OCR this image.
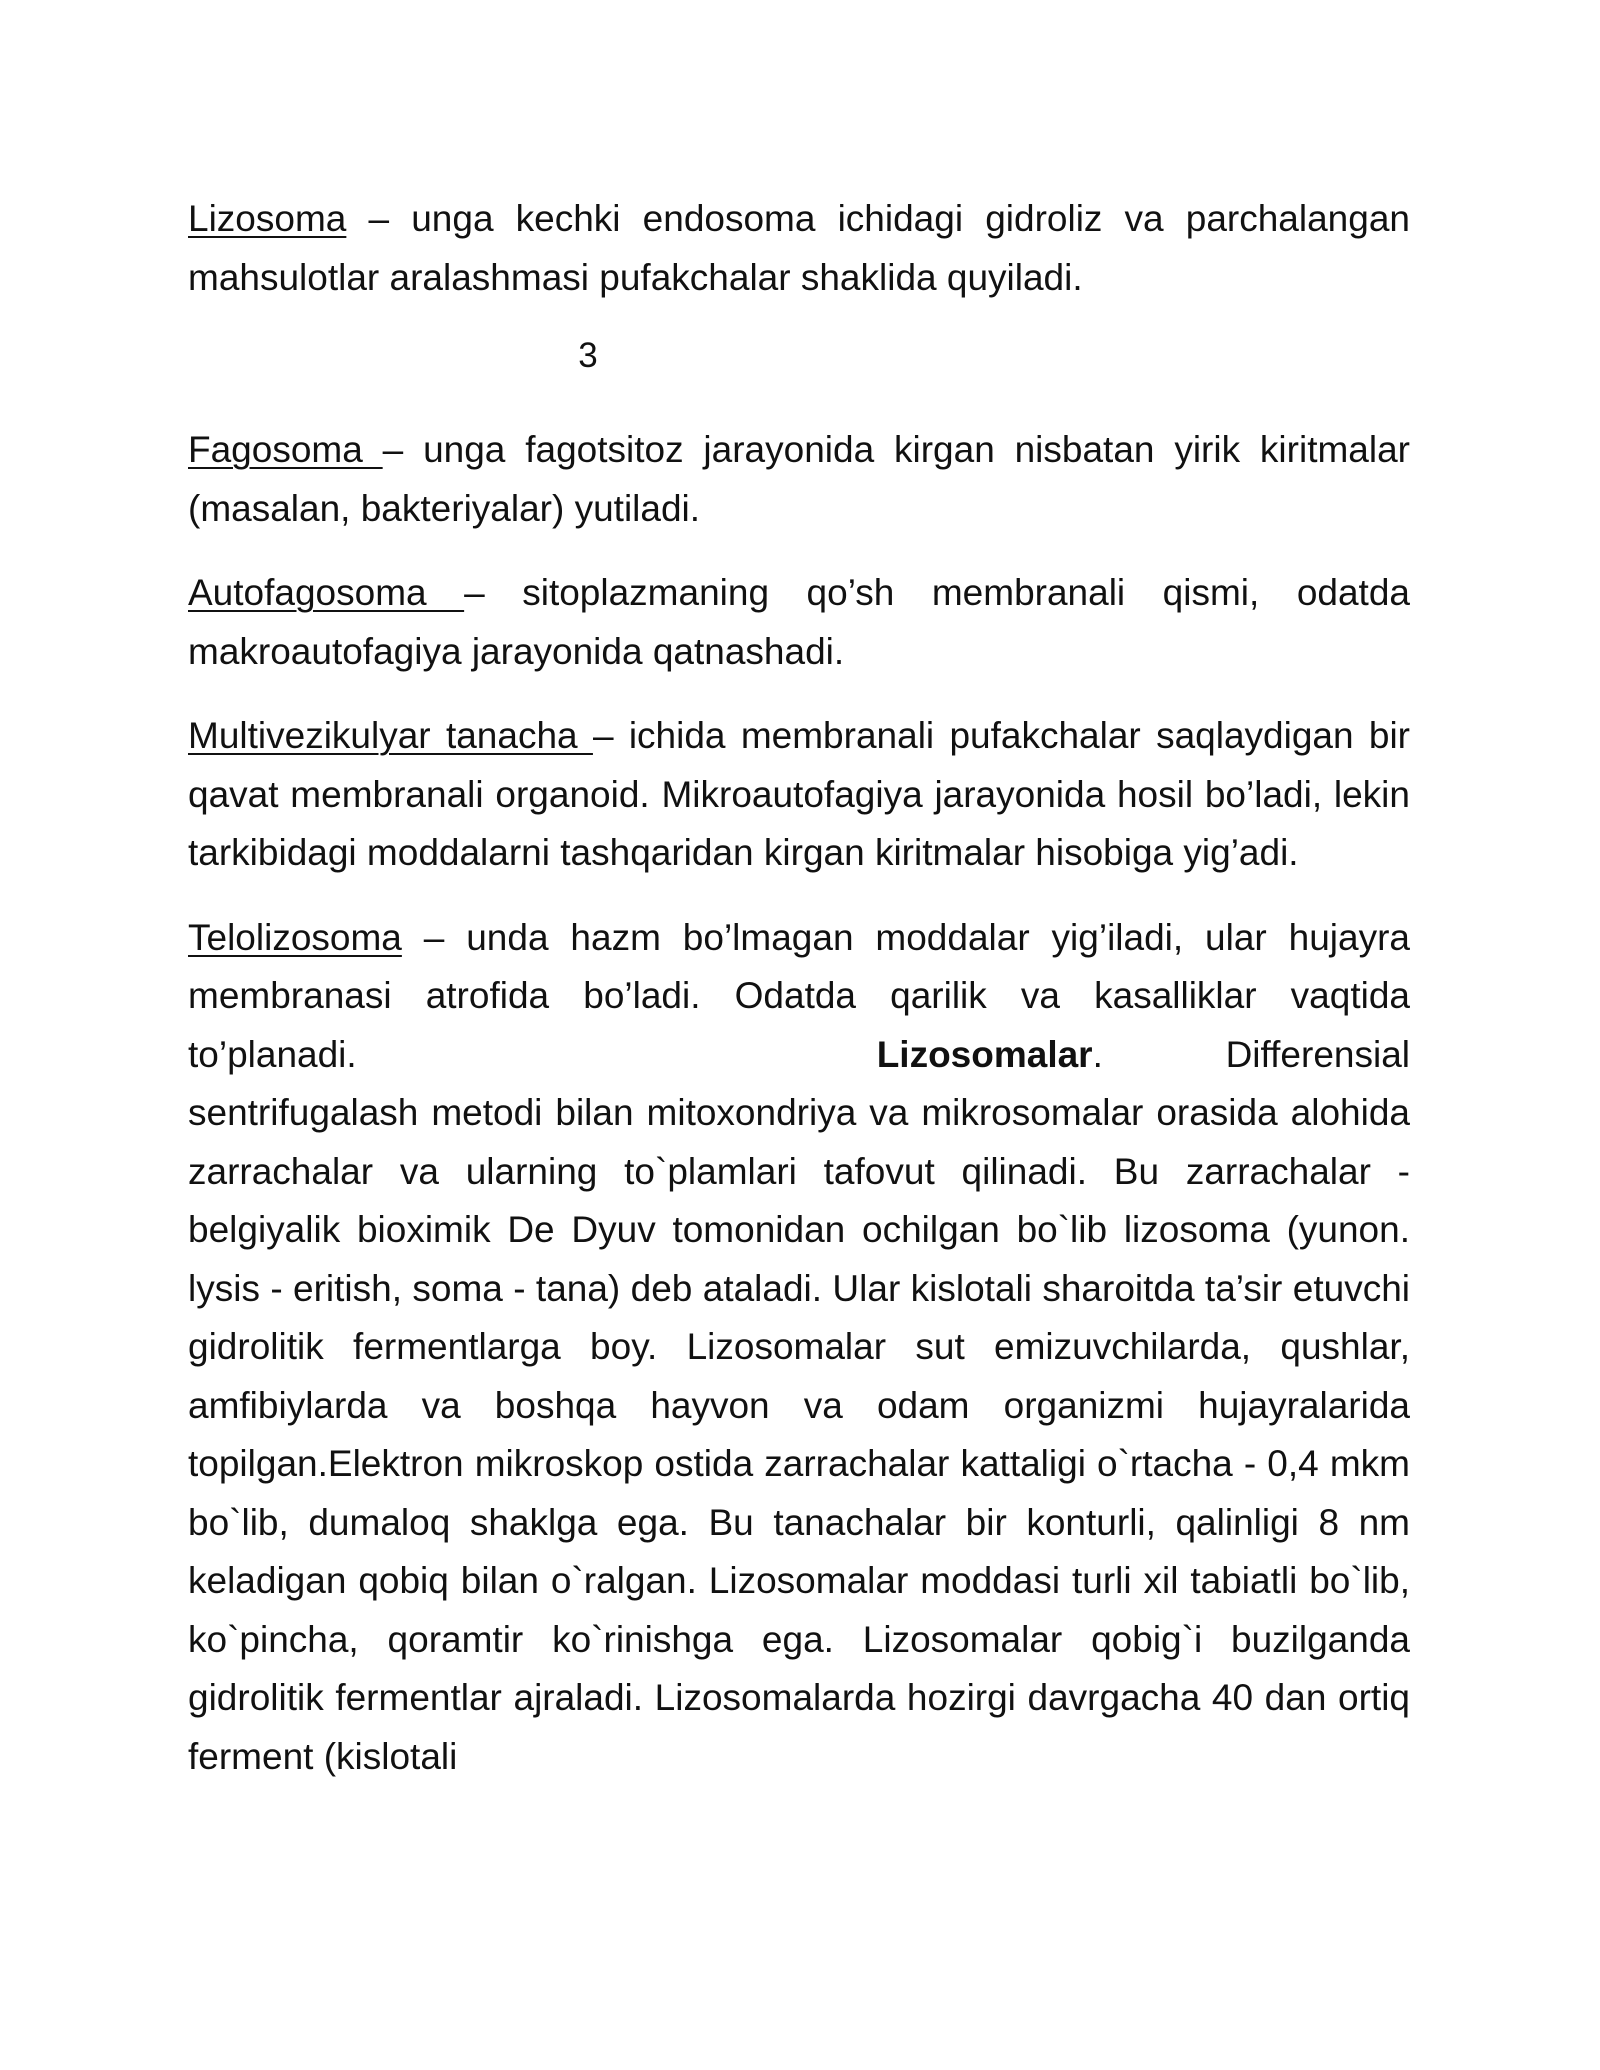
Lizosoma – unga kechki endosoma ichidagi gidroliz va parchalangan mahsulotlar aralashmasi pufakchalar shaklida quyiladi.

3

Fagosoma – unga fagotsitoz jarayonida kirgan nisbatan yirik kiritmalar (masalan, bakteriyalar) yutiladi.

Autofagosoma – sitoplazmaning qo’sh membranali qismi, odatda makroautofagiya jarayonida qatnashadi.

Multivezikulyar tanacha – ichida membranali pufakchalar saqlaydigan bir qavat membranali organoid. Mikroautofagiya jarayonida hosil bo’ladi, lekin tarkibidagi moddalarni tashqaridan kirgan kiritmalar hisobiga yig’adi.

Telolizosoma – unda hazm bo’lmagan moddalar yig’iladi, ular hujayra membranasi atrofida bo’ladi. Odatda qarilik va kasalliklar vaqtida to’planadi.	Lizosomalar. Differensial sentrifugalash metodi bilan mitoxondriya va mikrosomalar orasida alohida zarrachalar va ularning to`plamlari tafovut qilinadi. Bu zarrachalar - belgiyalik bioximik De Dyuv tomonidan ochilgan bo`lib lizosoma (yunon. lysis - eritish, soma - tana) deb ataladi. Ular kislotali sharoitda ta’sir etuvchi gidrolitik fermentlarga boy. Lizosomalar sut emizuvchilarda, qushlar, amfibiylarda va boshqa hayvon va odam organizmi hujayralarida topilgan.Elektron mikroskop ostida zarrachalar kattaligi o`rtacha - 0,4 mkm bo`lib, dumaloq shaklga ega. Bu tanachalar bir konturli, qalinligi 8 nm keladigan qobiq bilan o`ralgan. Lizosomalar moddasi turli xil tabiatli bo`lib, ko`pincha, qoramtir ko`rinishga ega. Lizosomalar qobig`i buzilganda gidrolitik fermentlar ajraladi. Lizosomalarda hozirgi davrgacha 40 dan ortiq ferment (kislotali
